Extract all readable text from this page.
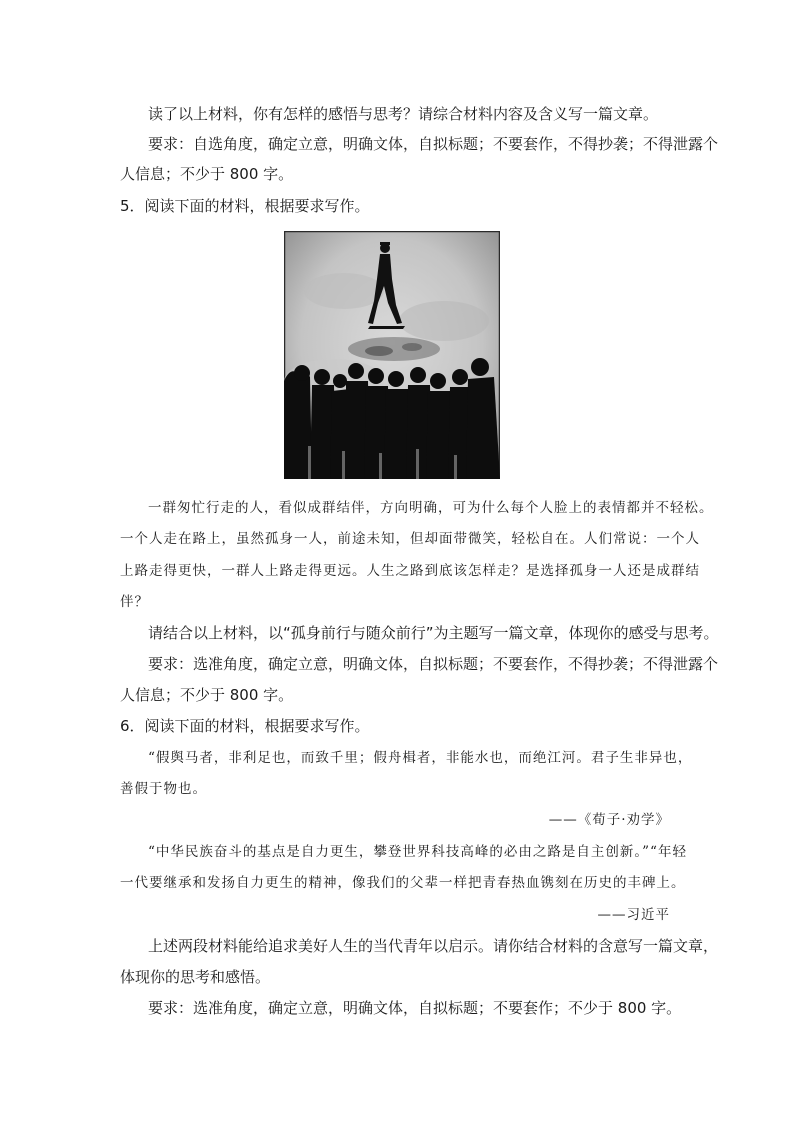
读了以上材料，你有怎样的感悟与思考？请综合材料内容及含义写一篇文章。
要求：自选角度，确定立意，明确文体，自拟标题；不要套作，不得抄袭；不得泄露个
人信息；不少于 800 字。
5．阅读下面的材料，根据要求写作。
一群匆忙行走的人，看似成群结伴，方向明确，可为什么每个人脸上的表情都并不轻松。
一个人走在路上，虽然孤身一人，前途未知，但却面带微笑，轻松自在。人们常说：一个人
上路走得更快，一群人上路走得更远。人生之路到底该怎样走？是选择孤身一人还是成群结
伴？
请结合以上材料，以“孤身前行与随众前行”为主题写一篇文章，体现你的感受与思考。
要求：选准角度，确定立意，明确文体，自拟标题；不要套作，不得抄袭；不得泄露个
人信息；不少于 800 字。
6．阅读下面的材料，根据要求写作。
“假舆马者，非利足也，而致千里；假舟楫者，非能水也，而绝江河。君子生非异也，
善假于物也。
——《荀子·劝学》
“中华民族奋斗的基点是自力更生，攀登世界科技高峰的必由之路是自主创新。”“年轻
一代要继承和发扬自力更生的精神，像我们的父辈一样把青春热血镌刻在历史的丰碑上。
——习近平
上述两段材料能给追求美好人生的当代青年以启示。请你结合材料的含意写一篇文章，
体现你的思考和感悟。
要求：选准角度，确定立意，明确文体，自拟标题；不要套作；不少于 800 字。
